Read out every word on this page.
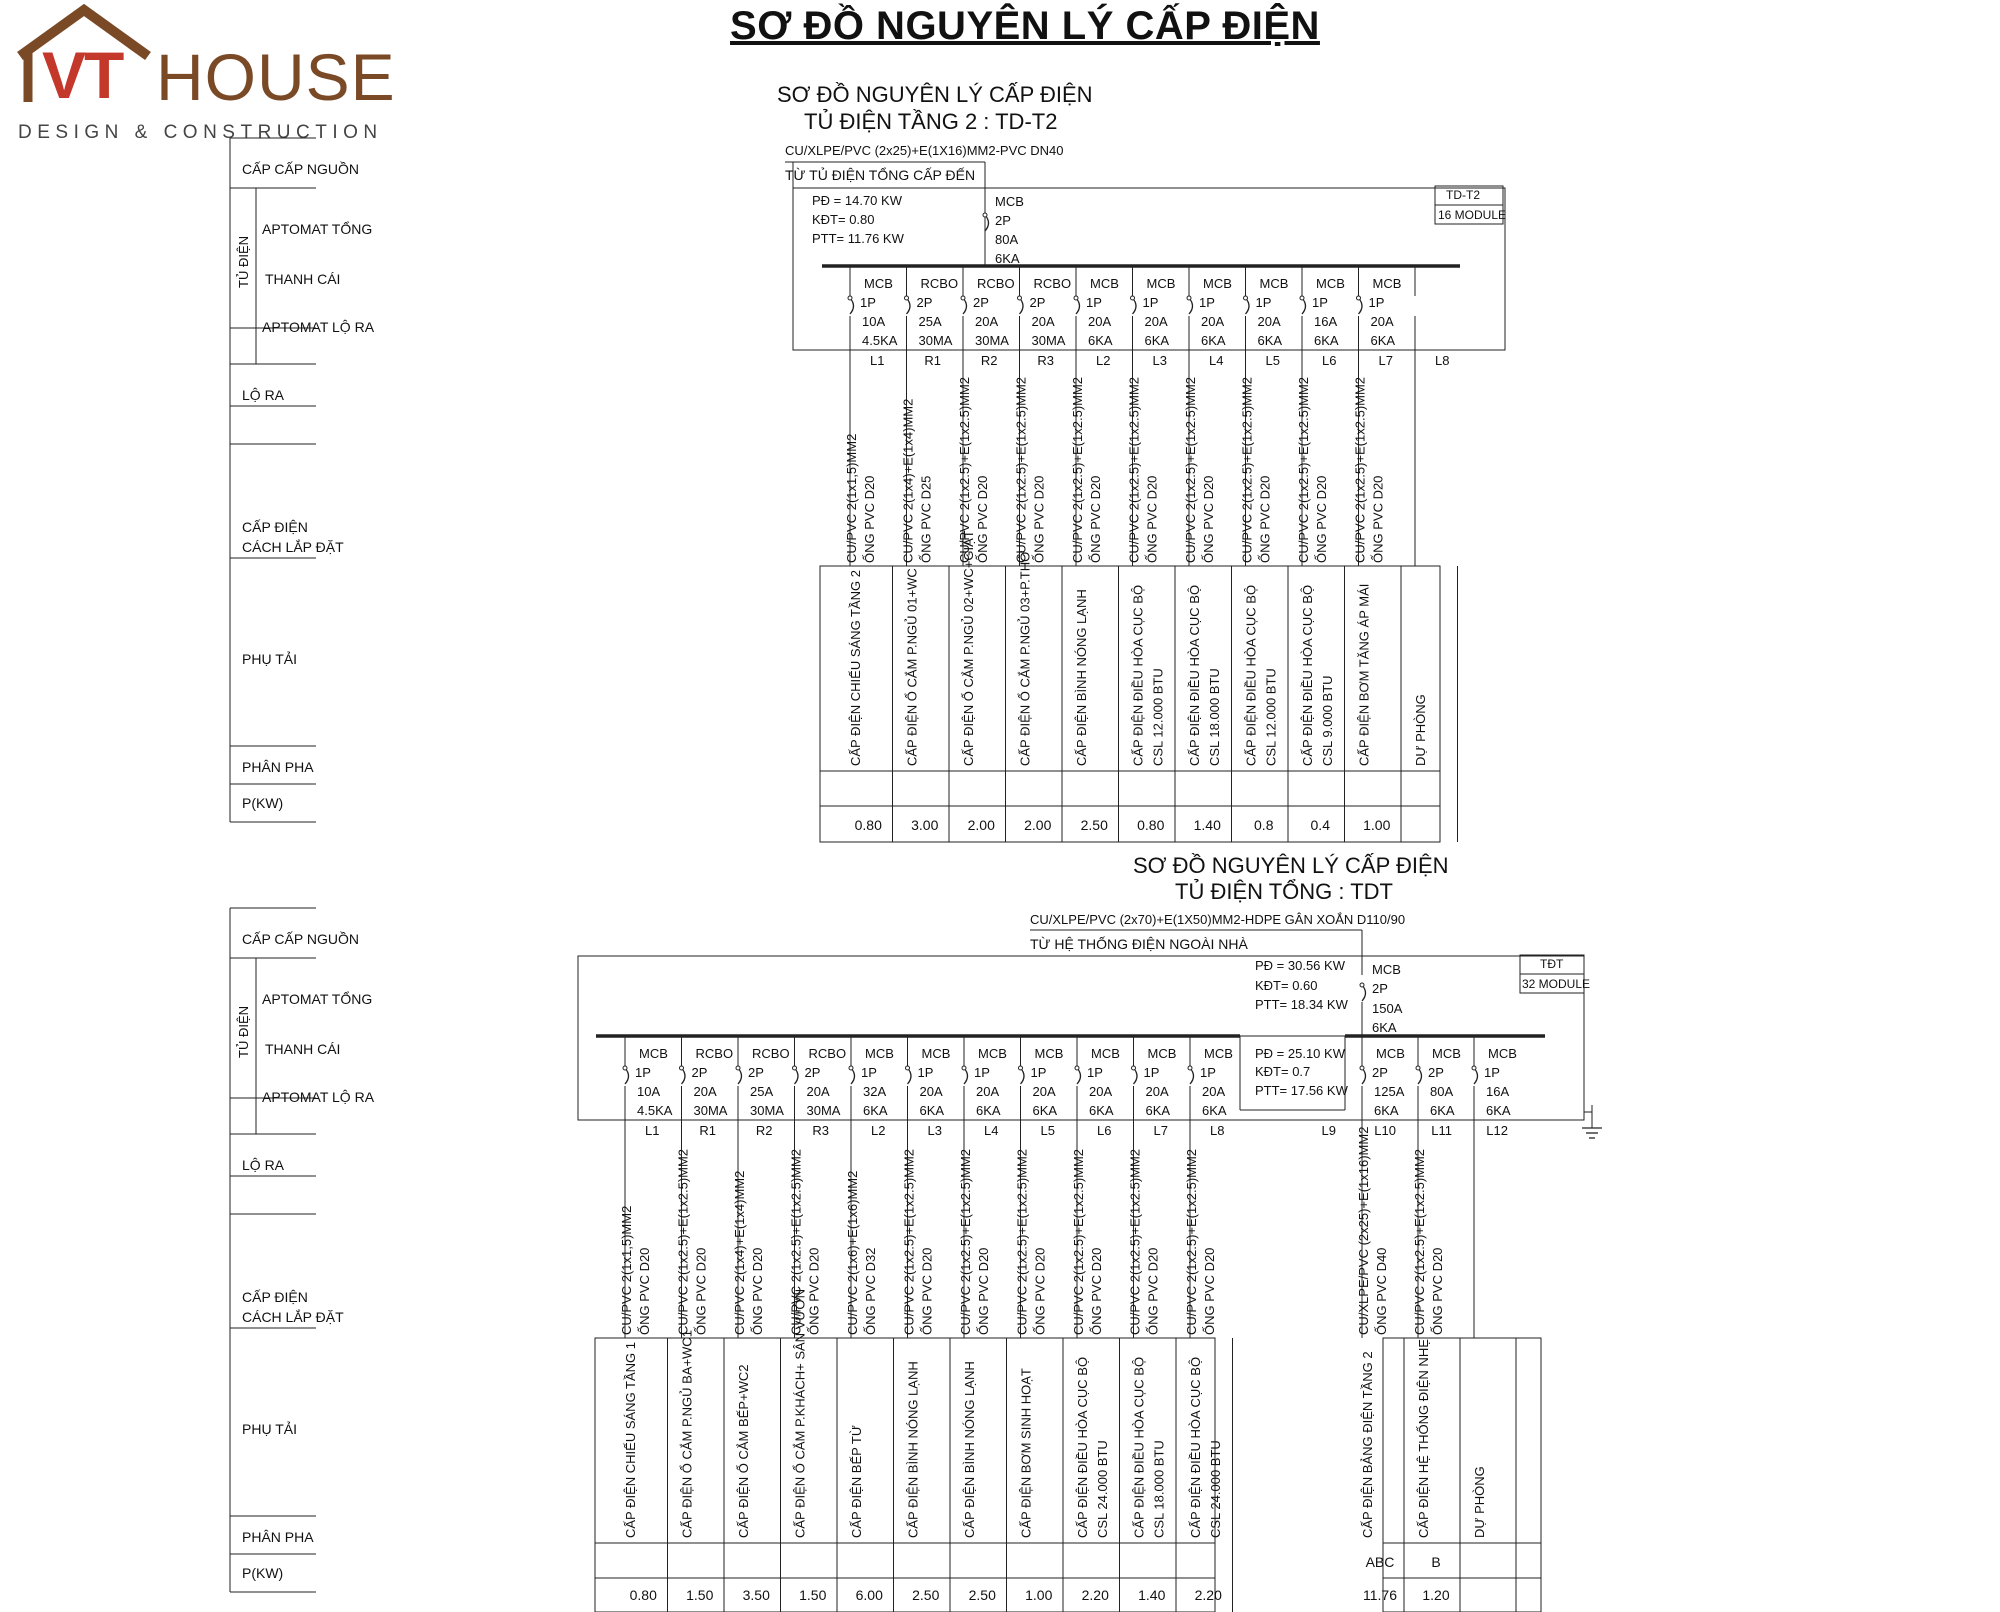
SƠ ĐỒ NGUYÊN LÝ CẤP ĐIỆN
VT HOUSE
DESIGN & CONSTRUCTION
CẤP CẤP NGUỒN
TỦ ĐIỆN
APTOMAT TỔNG
THANH CÁI
APTOMAT LỘ RA
LỘ RA
CẤP ĐIỆN
CÁCH LẮP ĐẶT
PHỤ TẢI
PHÂN PHA
P(KW)
SƠ ĐỒ NGUYÊN LÝ CẤP ĐIỆN
TỦ ĐIỆN TẦNG 2 : TD-T2
CU/XLPE/PVC (2x25)+E(1X16)MM2-PVC DN40
TỪ TỦ ĐIỆN TỔNG CẤP ĐẾN
TD-T2
16 MODULE
PĐ = 14.70 KW
KĐT= 0.80
PTT= 11.76 KW
MCB
2P
80A
6KA
MCB
1P
10A
4.5KA
L1
CU/PVC 2(1x1,5)MM2 ỐNG PVC D20
CẤP ĐIỆN CHIẾU SÁNG TẦNG 2
0.80
RCBO
2P
25A
30MA
R1
CU/PVC 2(1x4)+E(1x4)MM2 ỐNG PVC D25
CẤP ĐIỆN Ổ CẮM P.NGỦ 01+WC
3.00
RCBO
2P
20A
30MA
R2
CU/PVC 2(1x2.5)+E(1x2.5)MM2 ỐNG PVC D20
CẤP ĐIỆN Ổ CẮM P.NGỦ 02+WC+GIẶT
2.00
RCBO
2P
20A
30MA
R3
CU/PVC 2(1x2.5)+E(1x2.5)MM2 ỐNG PVC D20
CẤP ĐIỆN Ổ CẮM P.NGỦ 03+P.THỜ
2.00
MCB
1P
20A
6KA
L2
CU/PVC 2(1x2.5)+E(1x2.5)MM2 ỐNG PVC D20
CẤP ĐIỆN BÌNH NÓNG LẠNH
2.50
MCB
1P
20A
6KA
L3
CU/PVC 2(1x2.5)+E(1x2.5)MM2 ỐNG PVC D20
CẤP ĐIỆN ĐIỀU HÒA CỤC BỘ CSL 12.000 BTU
0.80
MCB
1P
20A
6KA
L4
CU/PVC 2(1x2.5)+E(1x2.5)MM2 ỐNG PVC D20
CẤP ĐIỆN ĐIỀU HÒA CỤC BỘ CSL 18.000 BTU
1.40
MCB
1P
20A
6KA
L5
CU/PVC 2(1x2.5)+E(1x2.5)MM2 ỐNG PVC D20
CẤP ĐIỆN ĐIỀU HÒA CỤC BỘ CSL 12.000 BTU
0.8
MCB
1P
16A
6KA
L6
CU/PVC 2(1x2.5)+E(1x2.5)MM2 ỐNG PVC D20
CẤP ĐIỆN ĐIỀU HÒA CỤC BỘ CSL 9.000 BTU
0.4
MCB
1P
20A
6KA
L7
CU/PVC 2(1x2.5)+E(1x2.5)MM2 ỐNG PVC D20
CẤP ĐIỆN BƠM TĂNG ÁP MÁI
1.00
L8
DỰ PHÒNG
CẤP CẤP NGUỒN
TỦ ĐIỆN
APTOMAT TỔNG
THANH CÁI
APTOMAT LỘ RA
LỘ RA
CẤP ĐIỆN
CÁCH LẮP ĐẶT
PHỤ TẢI
PHÂN PHA
P(KW)
SƠ ĐỒ NGUYÊN LÝ CẤP ĐIỆN
TỦ ĐIỆN TỔNG : TDT
CU/XLPE/PVC (2x70)+E(1X50)MM2-HDPE GÂN XOẮN D110/90
TỪ HỆ THỐNG ĐIỆN NGOÀI NHÀ
TĐT
32 MODULE
PĐ = 30.56 KW
KĐT= 0.60
PTT= 18.34 KW
MCB
2P
150A
6KA
PĐ = 25.10 KW
KĐT= 0.7
PTT= 17.56 KW
MCB
1P
10A
4.5KA
L1
CU/PVC 2(1x1,5)MM2 ỐNG PVC D20
CẤP ĐIỆN CHIẾU SÁNG TẦNG 1
0.80
RCBO
2P
20A
30MA
R1
CU/PVC 2(1x2.5)+E(1x2.5)MM2 ỐNG PVC D20
CẤP ĐIỆN Ổ CẮM P.NGỦ BA+WC1
1.50
RCBO
2P
25A
30MA
R2
CU/PVC 2(1x4)+E(1x4)MM2 ỐNG PVC D20
CẤP ĐIỆN Ổ CẮM BẾP+WC2
3.50
RCBO
2P
20A
30MA
R3
CU/PVC 2(1x2.5)+E(1x2.5)MM2 ỐNG PVC D20
CẤP ĐIỆN Ổ CẮM P.KHÁCH+ SÂN VƯỜN
1.50
MCB
1P
32A
6KA
L2
CU/PVC 2(1x6)+E(1x6)MM2 ỐNG PVC D32
CẤP ĐIỆN BẾP TỪ
6.00
MCB
1P
20A
6KA
L3
CU/PVC 2(1x2.5)+E(1x2.5)MM2 ỐNG PVC D20
CẤP ĐIỆN BÌNH NÓNG LẠNH
2.50
MCB
1P
20A
6KA
L4
CU/PVC 2(1x2.5)+E(1x2.5)MM2 ỐNG PVC D20
CẤP ĐIỆN BÌNH NÓNG LẠNH
2.50
MCB
1P
20A
6KA
L5
CU/PVC 2(1x2.5)+E(1x2.5)MM2 ỐNG PVC D20
CẤP ĐIỆN BƠM SINH HOẠT
1.00
MCB
1P
20A
6KA
L6
CU/PVC 2(1x2.5)+E(1x2.5)MM2 ỐNG PVC D20
CẤP ĐIỆN ĐIỀU HÒA CỤC BỘ CSL 24.000 BTU
2.20
MCB
1P
20A
6KA
L7
CU/PVC 2(1x2.5)+E(1x2.5)MM2 ỐNG PVC D20
CẤP ĐIỆN ĐIỀU HÒA CỤC BỘ CSL 18.000 BTU
1.40
MCB
1P
20A
6KA
L8
CU/PVC 2(1x2.5)+E(1x2.5)MM2 ỐNG PVC D20
CẤP ĐIỆN ĐIỀU HÒA CỤC BỘ CSL 24.000 BTU
2.20
L9
MCB
2P
125A
6KA
L10
CU/XLPE/PVC (2x25)+E(1x16)MM2 ỐNG PVC D40
CẤP ĐIỆN BẢNG ĐIỆN TẦNG 2
ABC
11.76
MCB
2P
80A
6KA
L11
CU/PVC 2(1x2.5)+E(1x2.5)MM2 ỐNG PVC D20
CẤP ĐIỆN HỆ THỐNG ĐIỆN NHẸ
B
1.20
MCB
1P
16A
6KA
L12
DỰ PHÒNG
